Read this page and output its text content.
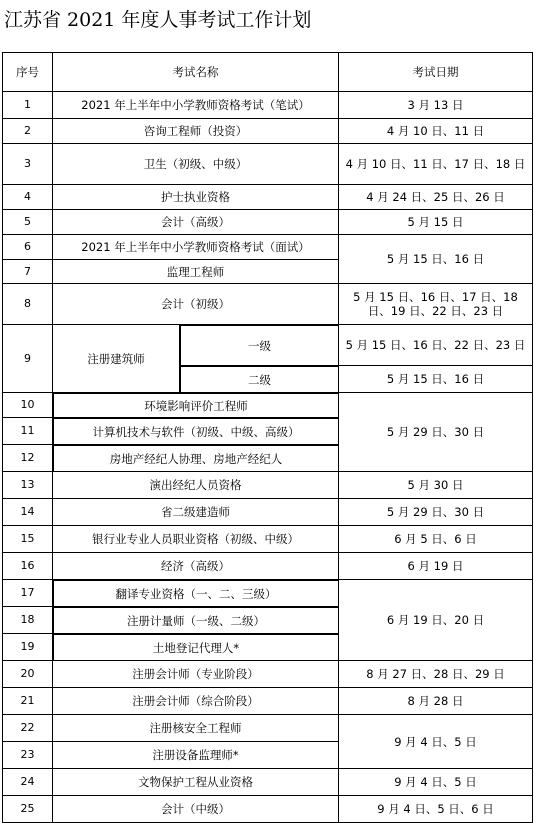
江苏省 2021 年度人事考试工作计划
序号	考试名称		考试日期
1	2021 年上半年中小学教师资格考试（笔试）		3 月 13 日
2	咨询工程师（投资）		4 月 10 日、11 日
3	卫生（初级、中级）		4 月 10 日、11 日、17 日、18 日
4	护士执业资格		4 月 24 日、25 日、26 日
5	会计（高级）		5 月 15 日
6	2021 年上半年中小学教师资格考试（面试）		5 月 15 日、16 日
7	监理工程师		
8	会计（初级）		5 月 15 日、16 日、17 日、18 日、19 日、22 日、23 日
9	注册建筑师	一级	5 月 15 日、16 日、22 日、23 日

二级	5 月 15 日、16 日
10	环境影响评价工程师		5 月 29 日、30 日
11	计算机技术与软件（初级、中级、高级）		

12	房地产经纪人协理、房地产经纪人		

13	演出经纪人员资格		5 月 30 日
14	省二级建造师		5 月 29 日、30 日
15	银行业专业人员职业资格（初级、中级）		6 月 5 日、6 日
16	经济（高级）		6 月 19 日
17	翻译专业资格（一、二、三级）		6 月 19 日、20 日
18	注册计量师（一级、二级）		

19	土地登记代理人*		

20	注册会计师（专业阶段）		8 月 27 日、28 日、29 日
21	注册会计师（综合阶段）		8 月 28 日
22	注册核安全工程师		9 月 4 日、5 日
23	注册设备监理师*		
24	文物保护工程从业资格		9 月 4 日、5 日
25	会计（中级）		9 月 4 日、5 日、6 日
